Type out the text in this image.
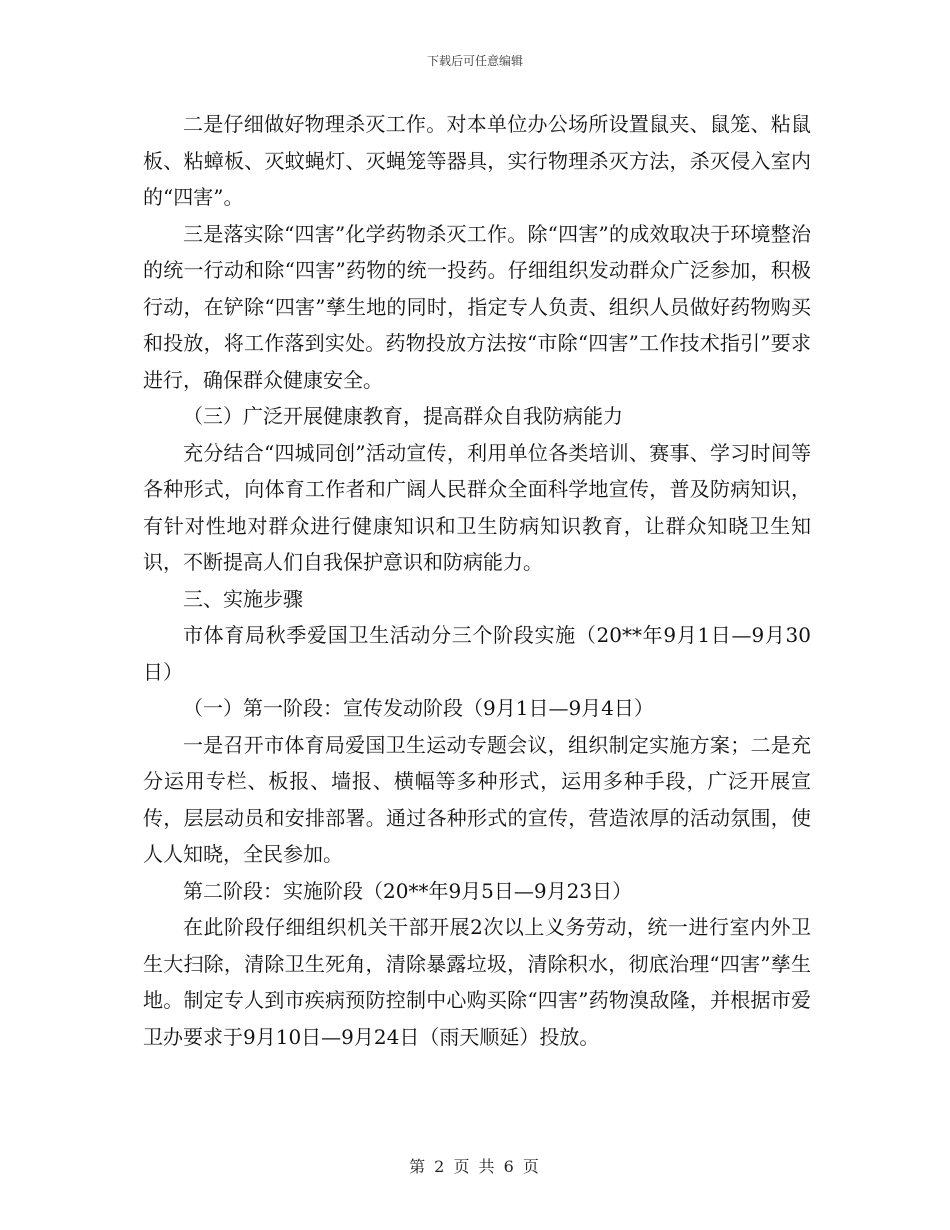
下载后可任意编辑

二是仔细做好物理杀灭工作。对本单位办公场所设置鼠夹、鼠笼、粘鼠板、粘蟑板、灭蚊蝇灯、灭蝇笼等器具，实行物理杀灭方法，杀灭侵入室内的“四害”。

三是落实除“四害”化学药物杀灭工作。除“四害”的成效取决于环境整治的统一行动和除“四害”药物的统一投药。仔细组织发动群众广泛参加，积极行动，在铲除“四害”孳生地的同时，指定专人负责、组织人员做好药物购买和投放，将工作落到实处。药物投放方法按“市除“四害”工作技术指引”要求进行，确保群众健康安全。

（三）广泛开展健康教育，提高群众自我防病能力

充分结合“四城同创”活动宣传，利用单位各类培训、赛事、学习时间等各种形式，向体育工作者和广阔人民群众全面科学地宣传，普及防病知识，有针对性地对群众进行健康知识和卫生防病知识教育，让群众知晓卫生知识，不断提高人们自我保护意识和防病能力。

三、实施步骤

市体育局秋季爱国卫生活动分三个阶段实施（20**年9月1日—9月30日）

（一）第一阶段：宣传发动阶段（9月1日—9月4日）

一是召开市体育局爱国卫生运动专题会议，组织制定实施方案；二是充分运用专栏、板报、墙报、横幅等多种形式，运用多种手段，广泛开展宣传，层层动员和安排部署。通过各种形式的宣传，营造浓厚的活动氛围，使人人知晓，全民参加。

第二阶段：实施阶段（20**年9月5日—9月23日）

在此阶段仔细组织机关干部开展2次以上义务劳动，统一进行室内外卫生大扫除，清除卫生死角，清除暴露垃圾，清除积水，彻底治理“四害”孳生地。制定专人到市疾病预防控制中心购买除“四害”药物溴敌隆，并根据市爱卫办要求于9月10日—9月24日（雨天顺延）投放。

第 2 页 共 6 页
